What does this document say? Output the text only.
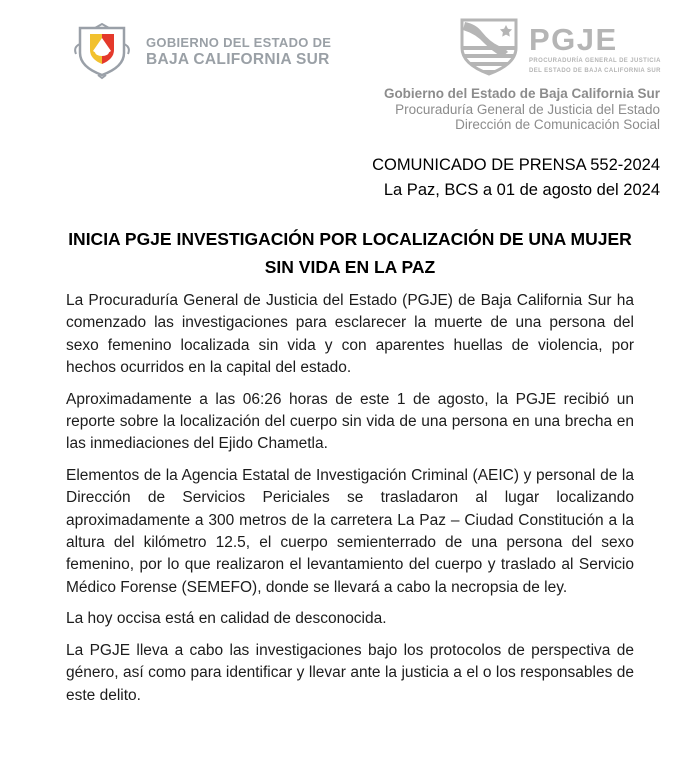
GOBIERNO DEL ESTADO DE
BAJA CALIFORNIA SUR
PGJE
PROCURADURÍA GENERAL DE JUSTICIA
DEL ESTADO DE BAJA CALIFORNIA SUR
Gobierno del Estado de Baja California Sur
Procuraduría General de Justicia del Estado
Dirección de Comunicación Social
COMUNICADO DE PRENSA 552-2024
La Paz, BCS a 01 de agosto del 2024
INICIA PGJE INVESTIGACIÓN POR LOCALIZACIÓN DE UNA MUJER SIN VIDA EN LA PAZ

La Procuraduría General de Justicia del Estado (PGJE) de Baja California Sur ha comenzado las investigaciones para esclarecer la muerte de una persona del sexo femenino localizada sin vida y con aparentes huellas de violencia, por hechos ocurridos en la capital del estado.

Aproximadamente a las 06:26 horas de este 1 de agosto, la PGJE recibió un reporte sobre la localización del cuerpo sin vida de una persona en una brecha en las inmediaciones del Ejido Chametla.

Elementos de la Agencia Estatal de Investigación Criminal (AEIC) y personal de la Dirección de Servicios Periciales se trasladaron al lugar localizando aproximadamente a 300 metros de la carretera La Paz – Ciudad Constitución a la altura del kilómetro 12.5, el cuerpo semienterrado de una persona del sexo femenino, por lo que realizaron el levantamiento del cuerpo y traslado al Servicio Médico Forense (SEMEFO), donde se llevará a cabo la necropsia de ley.

La hoy occisa está en calidad de desconocida.

La PGJE lleva a cabo las investigaciones bajo los protocolos de perspectiva de género, así como para identificar y llevar ante la justicia a el o los responsables de este delito.
